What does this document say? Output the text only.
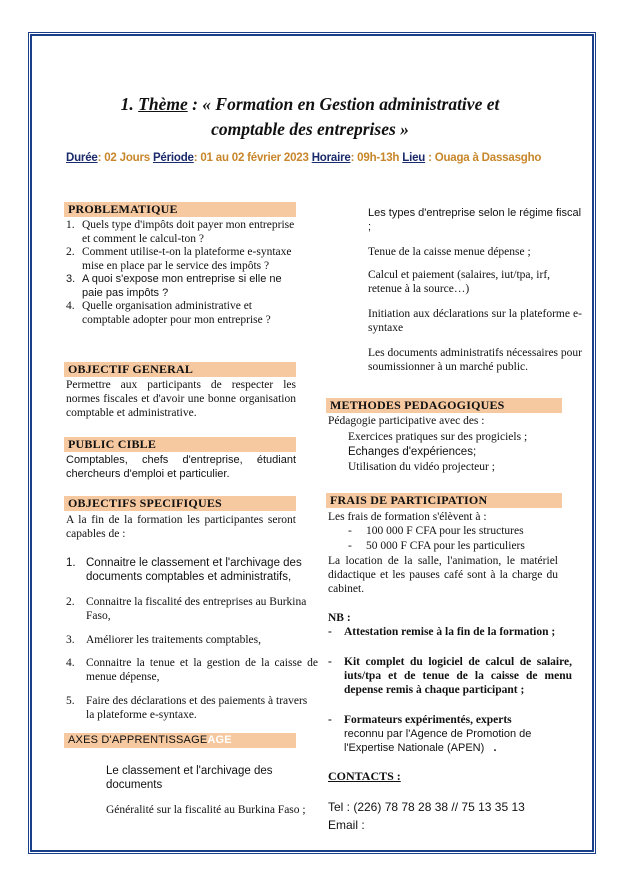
1. Thème : « Formation en Gestion administrative et
comptable des entreprises »
Durée: 02 Jours Période: 01 au 02 février 2023 Horaire: 09h-13h Lieu : Ouaga à Dassasgho
PROBLEMATIQUE
1. Quels type d'impôts doit payer mon entreprise et comment le calcul-ton ?
2. Comment utilise-t-on la plateforme e-syntaxe mise en place par le service des impôts ?
3. A quoi s'expose mon entreprise si elle ne paie pas impôts ?
4. Quelle organisation administrative et comptable adopter pour mon entreprise ?
OBJECTIF GENERAL
Permettre aux participants de respecter les normes fiscales et d'avoir une bonne organisation comptable et administrative.
PUBLIC CIBLE
Comptables, chefs d'entreprise, étudiant chercheurs d'emploi et particulier.
OBJECTIFS SPECIFIQUES
A la fin de la formation les participantes seront capables de :
1. Connaitre le classement et l'archivage des documents comptables et administratifs,
2. Connaitre la fiscalité des entreprises au Burkina Faso,
3. Améliorer les traitements comptables,
4. Connaitre la tenue et la gestion de la caisse de menue dépense,
5. Faire des déclarations et des paiements à travers la plateforme e-syntaxe.
AXES D'APPRENTISSAGEAGE
Le classement et l'archivage des documents
Généralité sur la fiscalité au Burkina Faso ;
Les types d'entreprise selon le régime fiscal ;
Tenue de la caisse menue dépense ;
Calcul et paiement (salaires, iut/tpa, irf, retenue à la source…)
Initiation aux déclarations sur la plateforme e-syntaxe
Les documents administratifs nécessaires pour soumissionner à un marché public.
METHODES PEDAGOGIQUES
Pédagogie participative avec des :
Exercices pratiques sur des progiciels ;
Echanges d'expériences;
Utilisation du vidéo projecteur ;
FRAIS DE PARTICIPATION
Les frais de formation s'élèvent à :
- 100 000 F CFA pour les structures
- 50 000 F CFA pour les particuliers
La location de la salle, l'animation, le matériel didactique et les pauses café sont à la charge du cabinet.
NB :
- Attestation remise à la fin de la formation ;
- Kit complet du logiciel de calcul de salaire, iuts/tpa et de tenue de la caisse de menu depense remis à chaque participant ;
- Formateurs expérimentés, experts
reconnu par l'Agence de Promotion de l'Expertise Nationale (APEN) .
CONTACTS :
Tel : (226) 78 78 28 38 // 75 13 35 13
Email :
